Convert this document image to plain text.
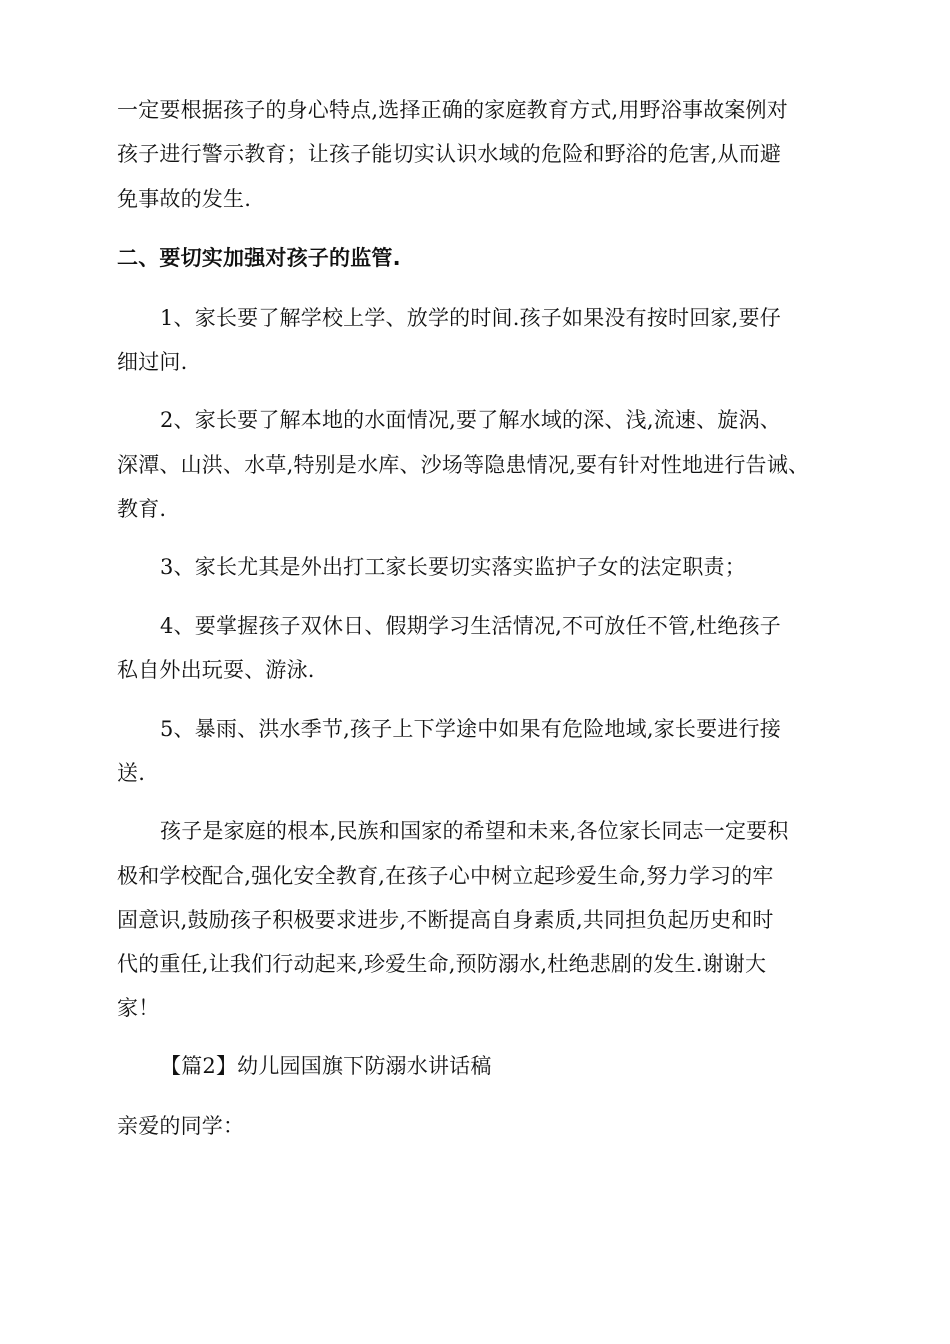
一定要根据孩子的身心特点,选择正确的家庭教育方式,用野浴事故案例对
孩子进行警示教育；让孩子能切实认识水域的危险和野浴的危害,从而避
免事故的发生.
二、要切实加强对孩子的监管.
1、家长要了解学校上学、放学的时间.孩子如果没有按时回家,要仔
细过问.
2、家长要了解本地的水面情况,要了解水域的深、浅,流速、旋涡、
深潭、山洪、水草,特别是水库、沙场等隐患情况,要有针对性地进行告诫、
教育.
3、家长尤其是外出打工家长要切实落实监护子女的法定职责；
4、要掌握孩子双休日、假期学习生活情况,不可放任不管,杜绝孩子
私自外出玩耍、游泳.
5、暴雨、洪水季节,孩子上下学途中如果有危险地域,家长要进行接
送.
孩子是家庭的根本,民族和国家的希望和未来,各位家长同志一定要积
极和学校配合,强化安全教育,在孩子心中树立起珍爱生命,努力学习的牢
固意识,鼓励孩子积极要求进步,不断提高自身素质,共同担负起历史和时
代的重任,让我们行动起来,珍爱生命,预防溺水,杜绝悲剧的发生.谢谢大
家！
【篇2】幼儿园国旗下防溺水讲话稿
亲爱的同学：
